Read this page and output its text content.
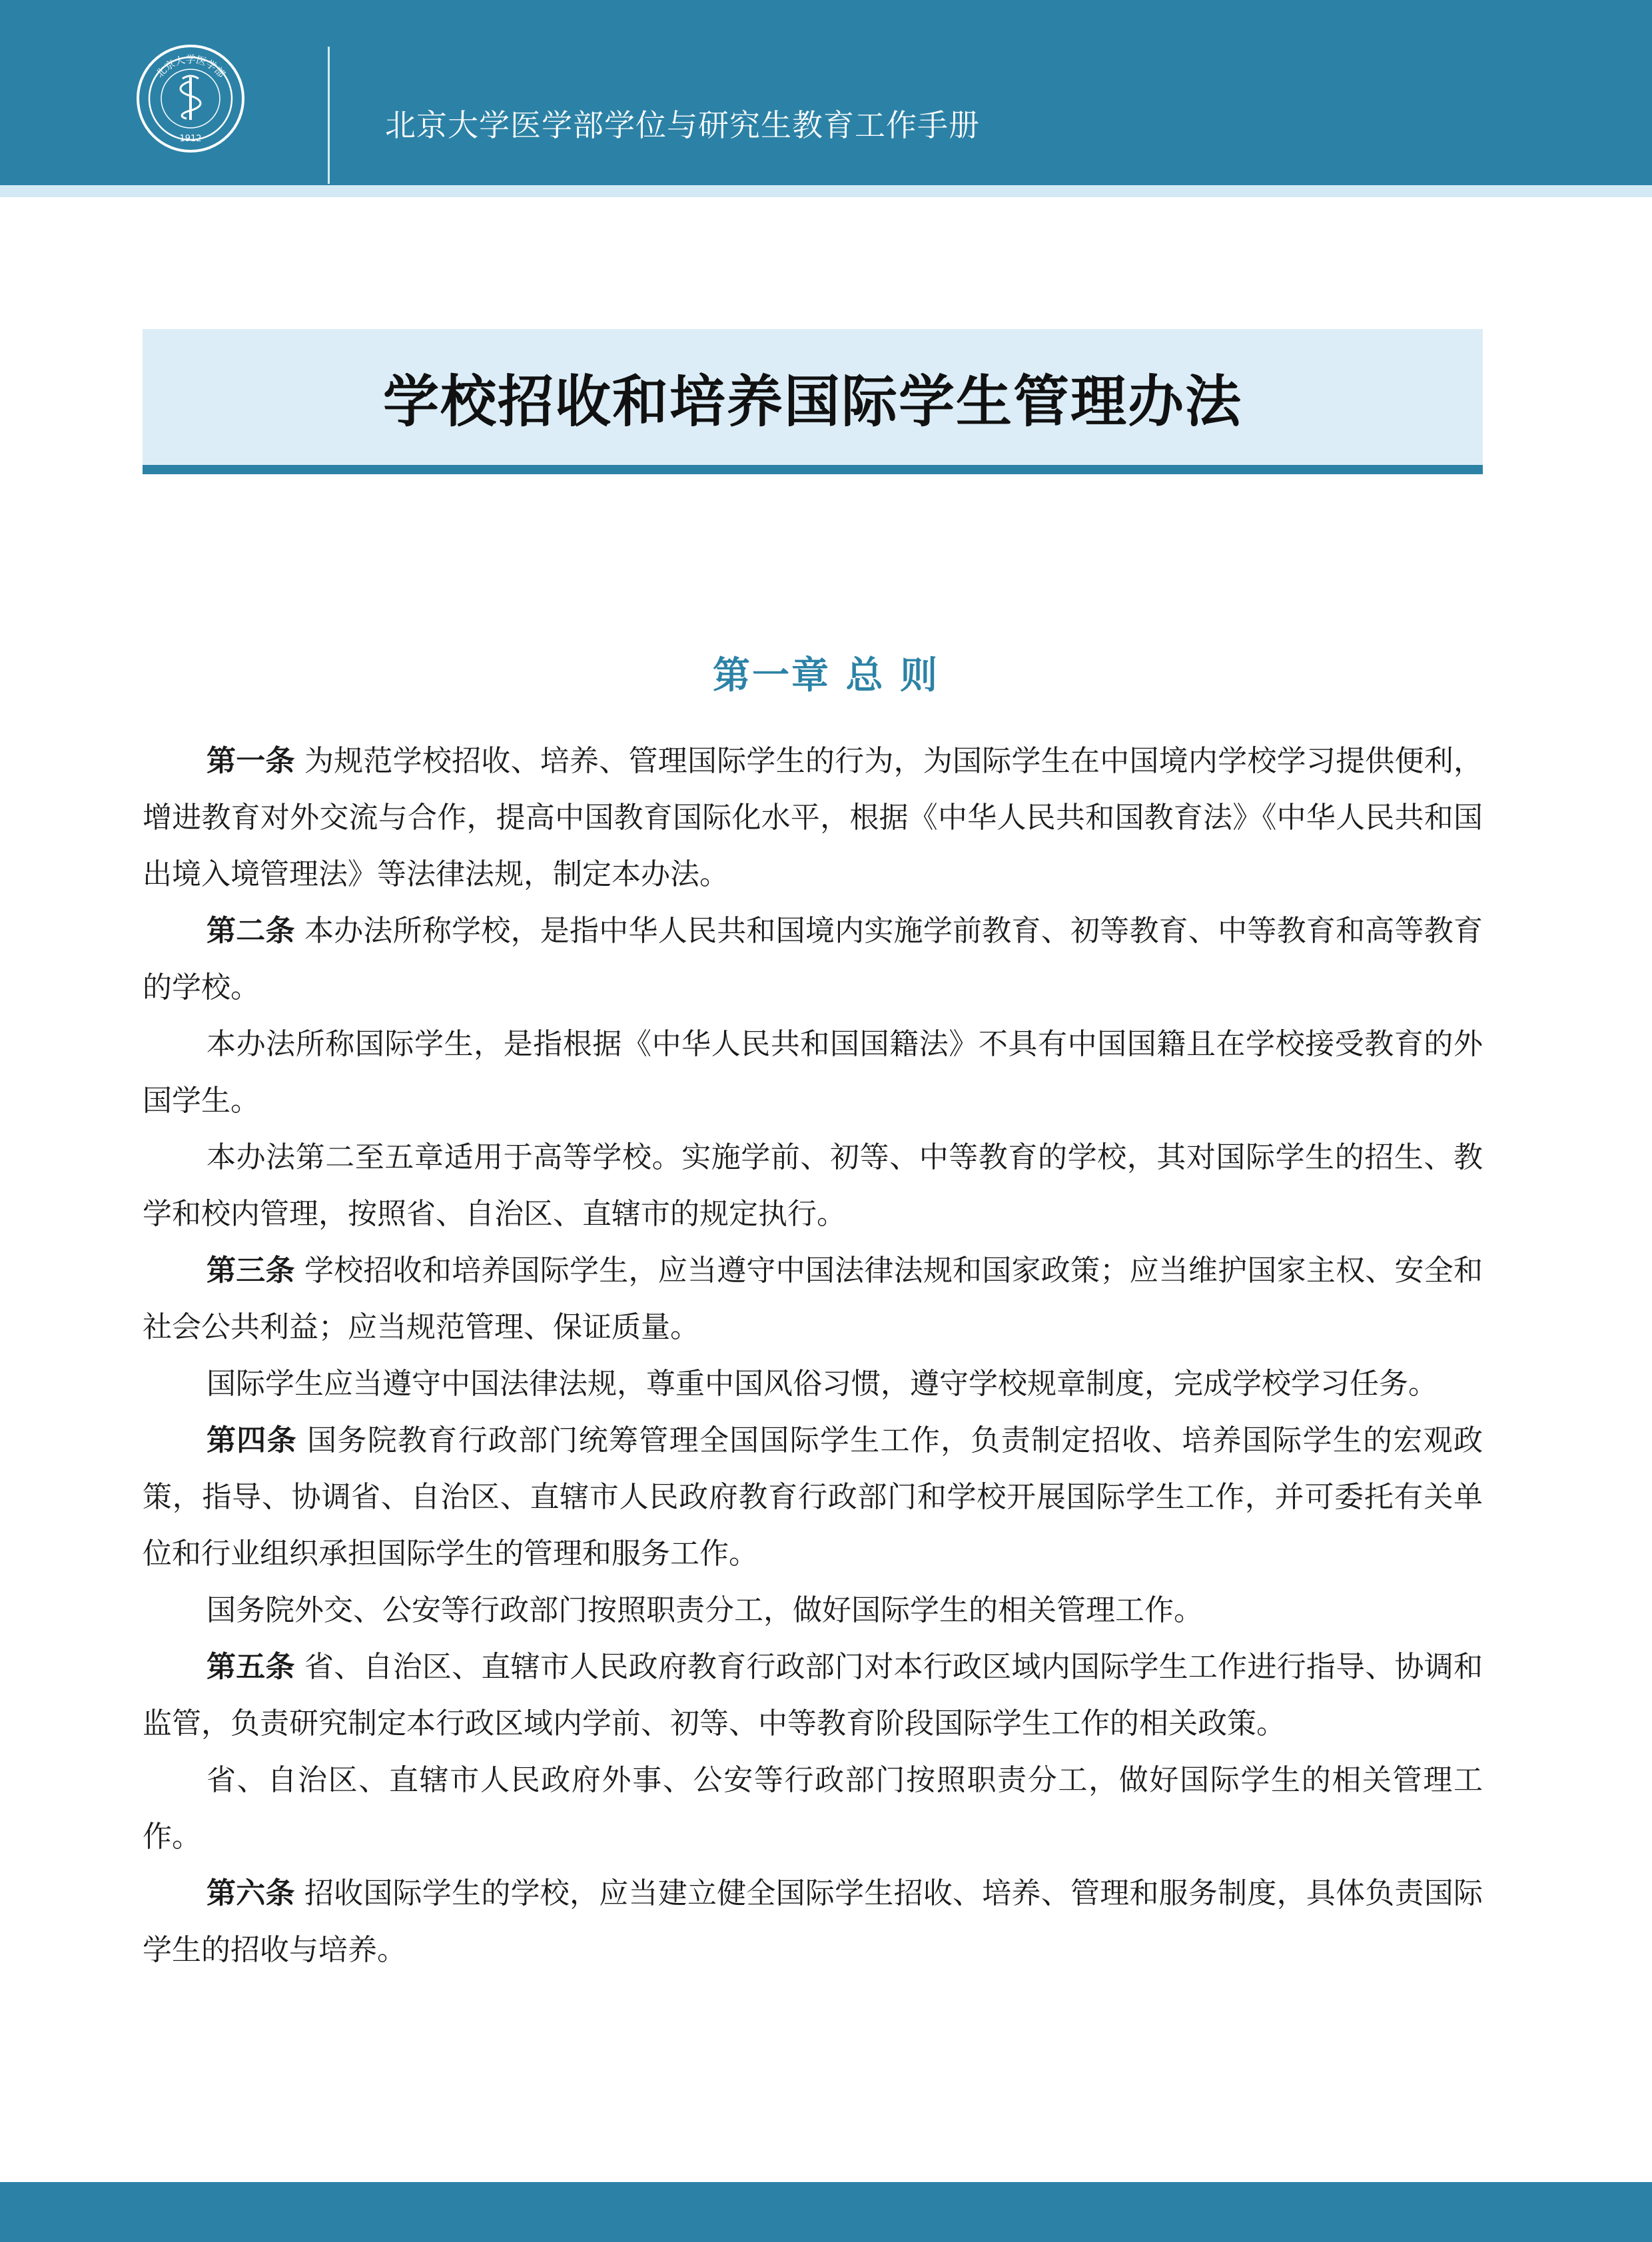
北京大学医学部
1912	北京大学医学部学位与研究生教育工作手册
学校招收和培养国际学生管理办法
第一章 总 则

第一条 为规范学校招收、培养、管理国际学生的行为，为国际学生在中国境内学校学习提供便利，增进教育对外交流与合作，提高中国教育国际化水平，根据《中华人民共和国教育法》《中华人民共和国出境入境管理法》等法律法规，制定本办法。

第二条 本办法所称学校，是指中华人民共和国境内实施学前教育、初等教育、中等教育和高等教育的学校。

本办法所称国际学生，是指根据《中华人民共和国国籍法》不具有中国国籍且在学校接受教育的外国学生。

本办法第二至五章适用于高等学校。实施学前、初等、中等教育的学校，其对国际学生的招生、教学和校内管理，按照省、自治区、直辖市的规定执行。

第三条 学校招收和培养国际学生，应当遵守中国法律法规和国家政策；应当维护国家主权、安全和社会公共利益；应当规范管理、保证质量。

国际学生应当遵守中国法律法规，尊重中国风俗习惯，遵守学校规章制度，完成学校学习任务。

第四条 国务院教育行政部门统筹管理全国国际学生工作，负责制定招收、培养国际学生的宏观政策，指导、协调省、自治区、直辖市人民政府教育行政部门和学校开展国际学生工作，并可委托有关单位和行业组织承担国际学生的管理和服务工作。

国务院外交、公安等行政部门按照职责分工，做好国际学生的相关管理工作。

第五条 省、自治区、直辖市人民政府教育行政部门对本行政区域内国际学生工作进行指导、协调和监管，负责研究制定本行政区域内学前、初等、中等教育阶段国际学生工作的相关政策。

省、自治区、直辖市人民政府外事、公安等行政部门按照职责分工，做好国际学生的相关管理工作。

第六条 招收国际学生的学校，应当建立健全国际学生招收、培养、管理和服务制度，具体负责国际学生的招收与培养。
